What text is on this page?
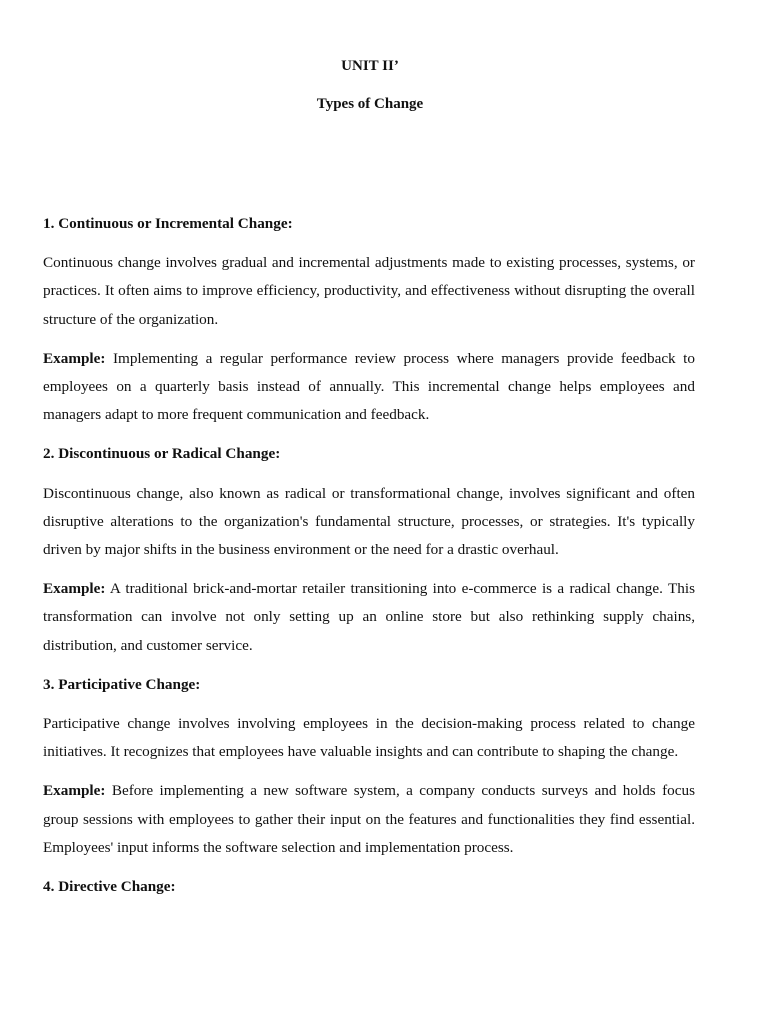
UNIT II’
Types of Change
1. Continuous or Incremental Change:
Continuous change involves gradual and incremental adjustments made to existing processes, systems, or practices. It often aims to improve efficiency, productivity, and effectiveness without disrupting the overall structure of the organization.
Example: Implementing a regular performance review process where managers provide feedback to employees on a quarterly basis instead of annually. This incremental change helps employees and managers adapt to more frequent communication and feedback.
2. Discontinuous or Radical Change:
Discontinuous change, also known as radical or transformational change, involves significant and often disruptive alterations to the organization's fundamental structure, processes, or strategies. It's typically driven by major shifts in the business environment or the need for a drastic overhaul.
Example: A traditional brick-and-mortar retailer transitioning into e-commerce is a radical change. This transformation can involve not only setting up an online store but also rethinking supply chains, distribution, and customer service.
3. Participative Change:
Participative change involves involving employees in the decision-making process related to change initiatives. It recognizes that employees have valuable insights and can contribute to shaping the change.
Example: Before implementing a new software system, a company conducts surveys and holds focus group sessions with employees to gather their input on the features and functionalities they find essential. Employees' input informs the software selection and implementation process.
4. Directive Change:
